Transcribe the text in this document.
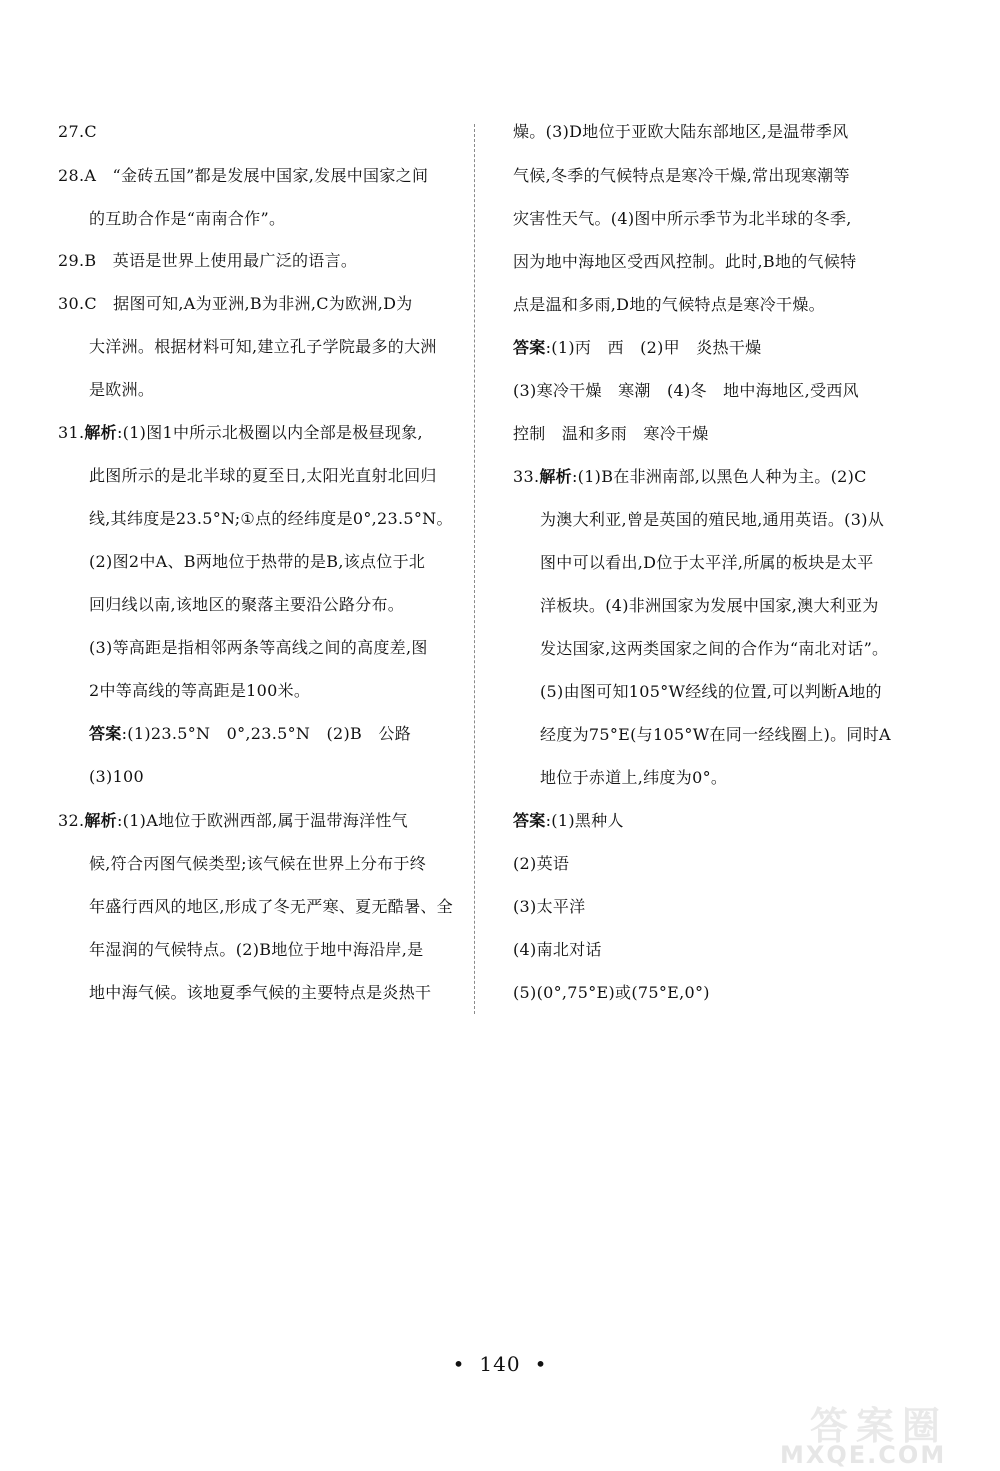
27.C
28.A　“金砖五国”都是发展中国家,发展中国家之间
的互助合作是“南南合作”。
29.B　英语是世界上使用最广泛的语言。
30.C　据图可知,A为亚洲,B为非洲,C为欧洲,D为
大洋洲。根据材料可知,建立孔子学院最多的大洲
是欧洲。
31.解析:(1)图1中所示北极圈以内全部是极昼现象,
此图所示的是北半球的夏至日,太阳光直射北回归
线,其纬度是23.5°N;①点的经纬度是0°,23.5°N。
(2)图2中A、B两地位于热带的是B,该点位于北
回归线以南,该地区的聚落主要沿公路分布。
(3)等高距是指相邻两条等高线之间的高度差,图
2中等高线的等高距是100米。
答案:(1)23.5°N　0°,23.5°N　(2)B　公路
(3)100
32.解析:(1)A地位于欧洲西部,属于温带海洋性气
候,符合丙图气候类型;该气候在世界上分布于终
年盛行西风的地区,形成了冬无严寒、夏无酷暑、全
年湿润的气候特点。(2)B地位于地中海沿岸,是
地中海气候。该地夏季气候的主要特点是炎热干
燥。(3)D地位于亚欧大陆东部地区,是温带季风
气候,冬季的气候特点是寒冷干燥,常出现寒潮等
灾害性天气。(4)图中所示季节为北半球的冬季,
因为地中海地区受西风控制。此时,B地的气候特
点是温和多雨,D地的气候特点是寒冷干燥。
答案:(1)丙　西　(2)甲　炎热干燥
(3)寒冷干燥　寒潮　(4)冬　地中海地区,受西风
控制　温和多雨　寒冷干燥
33.解析:(1)B在非洲南部,以黑色人种为主。(2)C
为澳大利亚,曾是英国的殖民地,通用英语。(3)从
图中可以看出,D位于太平洋,所属的板块是太平
洋板块。(4)非洲国家为发展中国家,澳大利亚为
发达国家,这两类国家之间的合作为“南北对话”。
(5)由图可知105°W经线的位置,可以判断A地的
经度为75°E(与105°W在同一经线圈上)。同时A
地位于赤道上,纬度为0°。
答案:(1)黑种人
(2)英语
(3)太平洋
(4)南北对话
(5)(0°,75°E)或(75°E,0°)
• 140 •
答案圈
MXQE.COM
